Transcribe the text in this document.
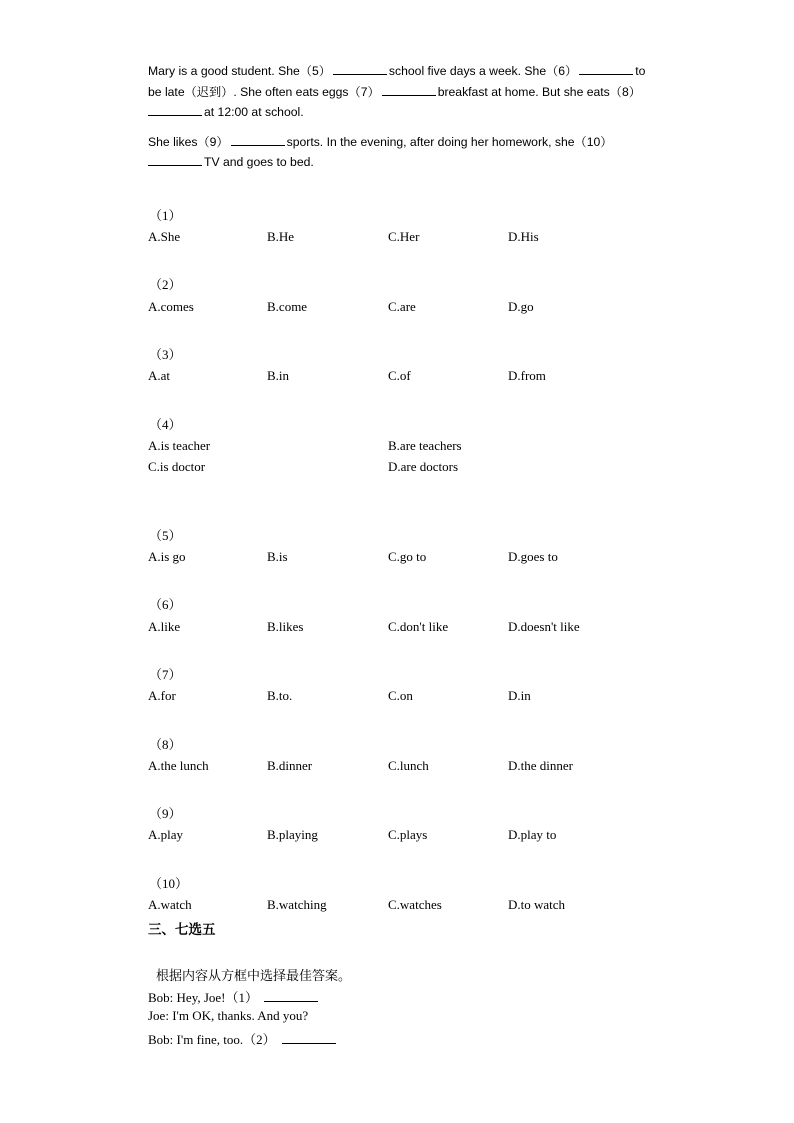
Mary is a good student. She（5）	school five days a week. She（6）	to

be late（迟到）. She often eats eggs（7）	breakfast at home. But she eats（8）

at 12:00 at school.

She likes（9）	sports. In the evening, after doing her homework, she（10）

TV and goes to bed.

（1）
A.She	B.He	C.Her	D.His
（2）
A.comes	B.come	C.are	D.go
（3）
A.at	B.in	C.of	D.from
（4）
A.is teacher	B.are teachers
C.is doctor	D.are doctors
（5）
A.is go	B.is	C.go to	D.goes to
（6）
A.like	B.likes	C.don't like	D.doesn't like
（7）
A.for	B.to.	C.on	D.in
（8）
A.the lunch	B.dinner	C.lunch	D.the dinner
（9）
A.play	B.playing	C.plays	D.play to
（10）
A.watch	B.watching	C.watches	D.to watch
三、七选五
根据内容从方框中选择最佳答案。
Bob: Hey, Joe!（1）
Joe: I'm OK, thanks. And you?
Bob: I'm fine, too.（2）
